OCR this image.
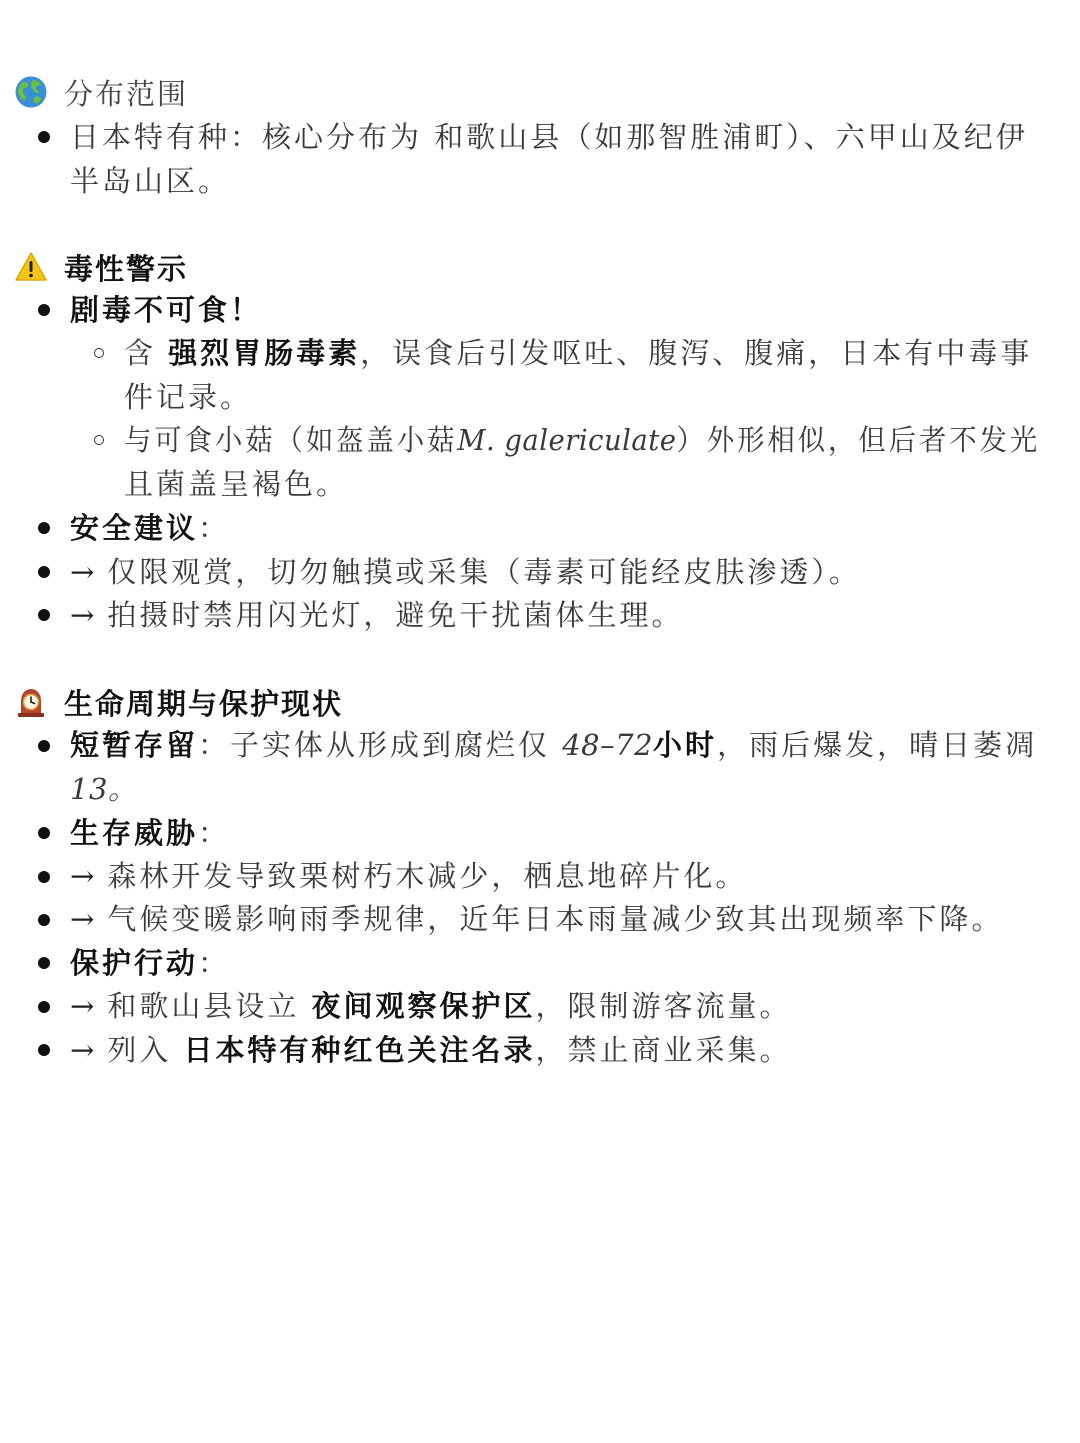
分布范围
日本特有种：核心分布为 和歌山县（如那智胜浦町）、六甲山及纪伊
半岛山区。
毒性警示
剧毒不可食！
含 强烈胃肠毒素，误食后引发呕吐、腹泻、腹痛，日本有中毒事
件记录。
与可食小菇（如盔盖小菇M. galericulate）外形相似，但后者不发光
且菌盖呈褐色。
安全建议：
→ 仅限观赏，切勿触摸或采集（毒素可能经皮肤渗透）。
→ 拍摄时禁用闪光灯，避免干扰菌体生理。
生命周期与保护现状
短暂存留：子实体从形成到腐烂仅 48–72小时，雨后爆发，晴日萎凋
13。
生存威胁：
→ 森林开发导致栗树朽木减少，栖息地碎片化。
→ 气候变暖影响雨季规律，近年日本雨量减少致其出现频率下降。
保护行动：
→ 和歌山县设立 夜间观察保护区，限制游客流量。
→ 列入 日本特有种红色关注名录，禁止商业采集。
